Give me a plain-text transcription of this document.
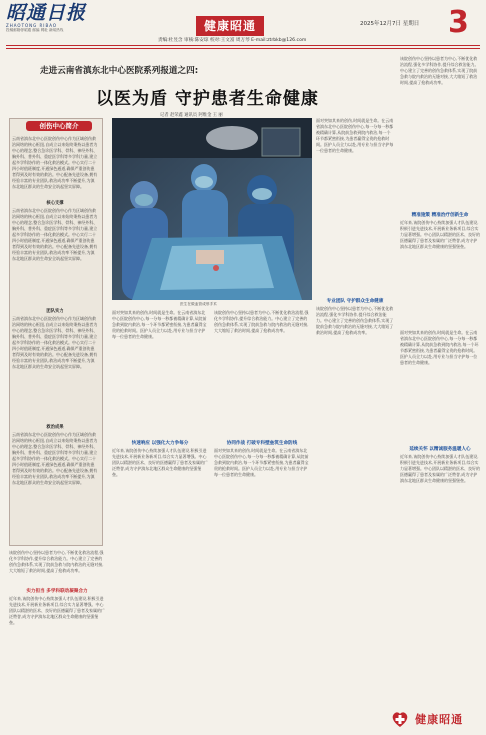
昭通日报
ZHAOTONG RIBAO
投稿邮箱@昭通 邮编 网址 新闻热线	健康昭通	2025年12月7日 星期日 3
责编:杜昱含 审核:陈安琼 校对:王文富 周万琴 E-mail:ztrbkb@126.com
走进云南省滇东北中心医院系列报道之四:
以医为盾 守护患者生命健康
记者 赵荣鑫 通讯员 阿维金 王 丽
创伤中心简介
云南省滇东北中心医院创伤中心作为区域创伤救治网络的核心枢纽,自成立以来始终秉持以患者为中心的理念,整合急诊医学科、骨科、神经外科、胸外科、普外科、重症医学科等多学科力量,建立起多学科协作的一体化救治模式。中心实行二十四小时值班制度,开通绿色通道,确保严重创伤患者得到及时有效的救治。中心配备先进设备,拥有经验丰富的专业团队,救治成功率不断提升,为滇东北地区群众的生命安全筑起坚实屏障。
核心支撑
云南省滇东北中心医院创伤中心作为区域创伤救治网络的核心枢纽,自成立以来始终秉持以患者为中心的理念,整合急诊医学科、骨科、神经外科、胸外科、普外科、重症医学科等多学科力量,建立起多学科协作的一体化救治模式。中心实行二十四小时值班制度,开通绿色通道,确保严重创伤患者得到及时有效的救治。中心配备先进设备,拥有经验丰富的专业团队,救治成功率不断提升,为滇东北地区群众的生命安全筑起坚实屏障。
团队实力
云南省滇东北中心医院创伤中心作为区域创伤救治网络的核心枢纽,自成立以来始终秉持以患者为中心的理念,整合急诊医学科、骨科、神经外科、胸外科、普外科、重症医学科等多学科力量,建立起多学科协作的一体化救治模式。中心实行二十四小时值班制度,开通绿色通道,确保严重创伤患者得到及时有效的救治。中心配备先进设备,拥有经验丰富的专业团队,救治成功率不断提升,为滇东北地区群众的生命安全筑起坚实屏障。
救治成果
云南省滇东北中心医院创伤中心作为区域创伤救治网络的核心枢纽,自成立以来始终秉持以患者为中心的理念,整合急诊医学科、骨科、神经外科、胸外科、普外科、重症医学科等多学科力量,建立起多学科协作的一体化救治模式。中心实行二十四小时值班制度,开通绿色通道,确保严重创伤患者得到及时有效的救治。中心配备先进设备,拥有经验丰富的专业团队,救治成功率不断提升,为滇东北地区群众的生命安全筑起坚实屏障。
医生在做血管成形手术
面对突如其来的创伤,时间就是生命。在云南省滇东北中心医院创伤中心,每一分每一秒都被精确计算,从院前急救到院内救治,每一个环节都紧密衔接,为患者赢得宝贵的抢救时间。医护人员全力以赴,用专业与担当守护每一位患者的生命健康。
该院创伤中心坚持以患者为中心,不断优化救治流程,强化多学科协作,提升综合救治能力。中心建立了完善的创伤急救体系,实现了院前急救与院内救治的无缝对接,大大缩短了救治时间,提高了抢救成功率。
快速响应 以强化大力争每分
近年来,该院创伤中心持续加强人才队伍建设,积极引进先进技术,开展新业务新项目,综合实力显著增强。中心团队以精湛的医术、良好的医德赢得了患者及家属的广泛赞誉,成为守护滇东北地区群众生命健康的坚强堡垒。
协同作战 打破专科壁垒筑生命防线
面对突如其来的创伤,时间就是生命。在云南省滇东北中心医院创伤中心,每一分每一秒都被精确计算,从院前急救到院内救治,每一个环节都紧密衔接,为患者赢得宝贵的抢救时间。医护人员全力以赴,用专业与担当守护每一位患者的生命健康。
该院创伤中心坚持以患者为中心,不断优化救治流程,强化多学科协作,提升综合救治能力。中心建立了完善的创伤急救体系,实现了院前急救与院内救治的无缝对接,大大缩短了救治时间,提高了抢救成功率。
实力担当 多学科联动凝聚合力
近年来,该院创伤中心持续加强人才队伍建设,积极引进先进技术,开展新业务新项目,综合实力显著增强。中心团队以精湛的医术、良好的医德赢得了患者及家属的广泛赞誉,成为守护滇东北地区群众生命健康的坚强堡垒。
面对突如其来的创伤,时间就是生命。在云南省滇东北中心医院创伤中心,每一分每一秒都被精确计算,从院前急救到院内救治,每一个环节都紧密衔接,为患者赢得宝贵的抢救时间。医护人员全力以赴,用专业与担当守护每一位患者的生命健康。
该院创伤中心坚持以患者为中心,不断优化救治流程,强化多学科协作,提升综合救治能力。中心建立了完善的创伤急救体系,实现了院前急救与院内救治的无缝对接,大大缩短了救治时间,提高了抢救成功率。
精准施策 精准治疗创新生命
近年来,该院创伤中心持续加强人才队伍建设,积极引进先进技术,开展新业务新项目,综合实力显著增强。中心团队以精湛的医术、良好的医德赢得了患者及家属的广泛赞誉,成为守护滇东北地区群众生命健康的坚强堡垒。
专业团队 守护群众生命健康
该院创伤中心坚持以患者为中心,不断优化救治流程,强化多学科协作,提升综合救治能力。中心建立了完善的创伤急救体系,实现了院前急救与院内救治的无缝对接,大大缩短了救治时间,提高了抢救成功率。	面对突如其来的创伤,时间就是生命。在云南省滇东北中心医院创伤中心,每一分每一秒都被精确计算,从院前急救到院内救治,每一个环节都紧密衔接,为患者赢得宝贵的抢救时间。医护人员全力以赴,用专业与担当守护每一位患者的生命健康。
延续关怀 以精诚服务温暖人心
近年来,该院创伤中心持续加强人才队伍建设,积极引进先进技术,开展新业务新项目,综合实力显著增强。中心团队以精湛的医术、良好的医德赢得了患者及家属的广泛赞誉,成为守护滇东北地区群众生命健康的坚强堡垒。
健康昭通
